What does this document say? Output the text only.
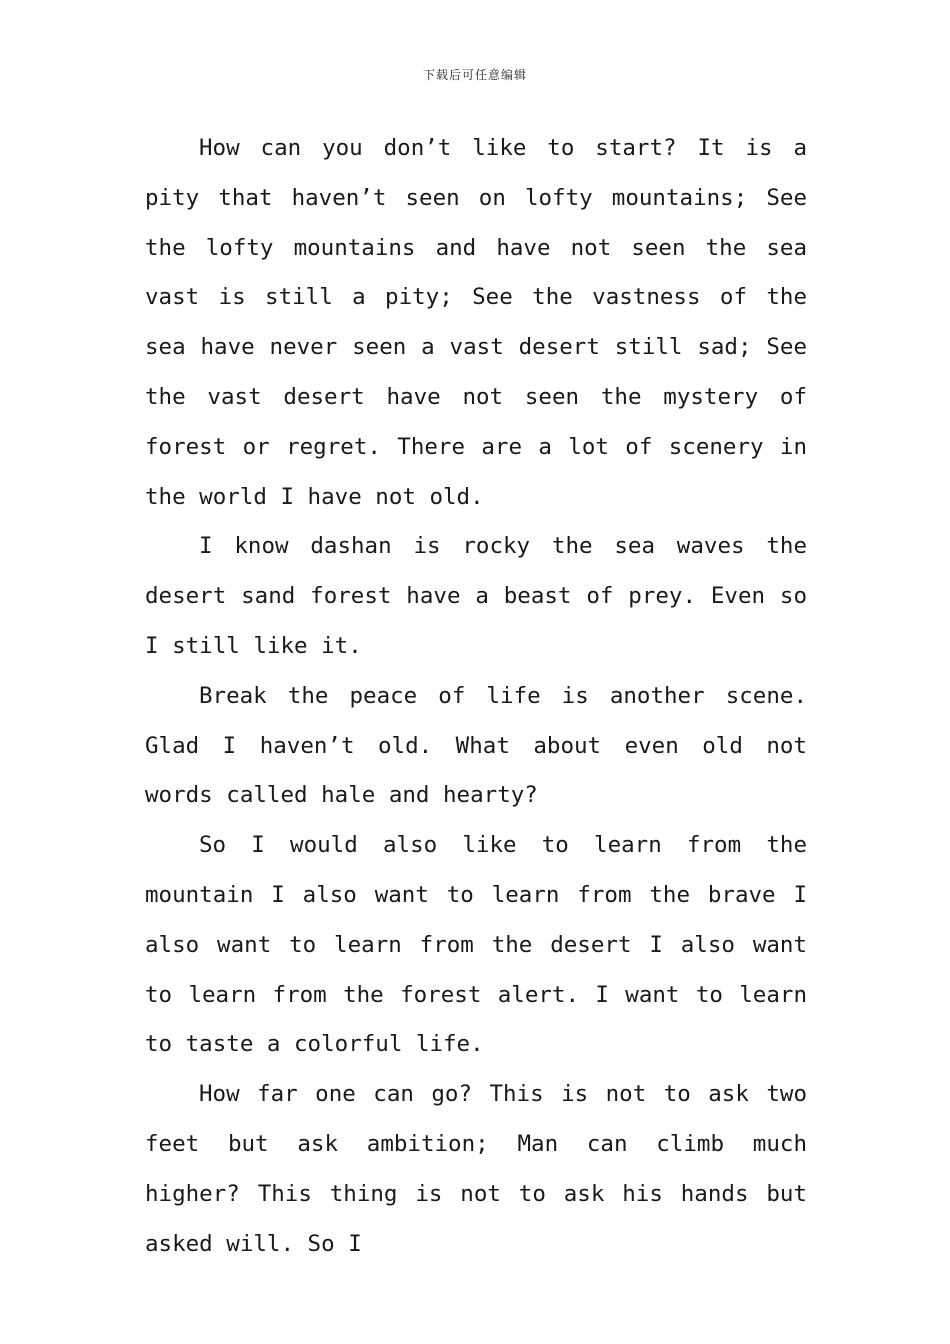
下载后可任意编辑

How can you don’t like to start? It is a pity that haven’t seen on lofty mountains; See the lofty mountains and have not seen the sea vast is still a pity; See the vastness of the sea have never seen a vast desert still sad; See the vast desert have not seen the mystery of forest or regret. There are a lot of scenery in the world I have not old.

I know dashan is rocky the sea waves the desert sand forest have a beast of prey. Even so I still like it.

Break the peace of life is another scene. Glad I haven’t old. What about even old not words called hale and hearty?

So I would also like to learn from the mountain I also want to learn from the brave I also want to learn from the desert I also want to learn from the forest alert. I want to learn to taste a colorful life.

How far one can go? This is not to ask two feet but ask ambition; Man can climb much higher? This thing is not to ask his hands but asked will. So I
